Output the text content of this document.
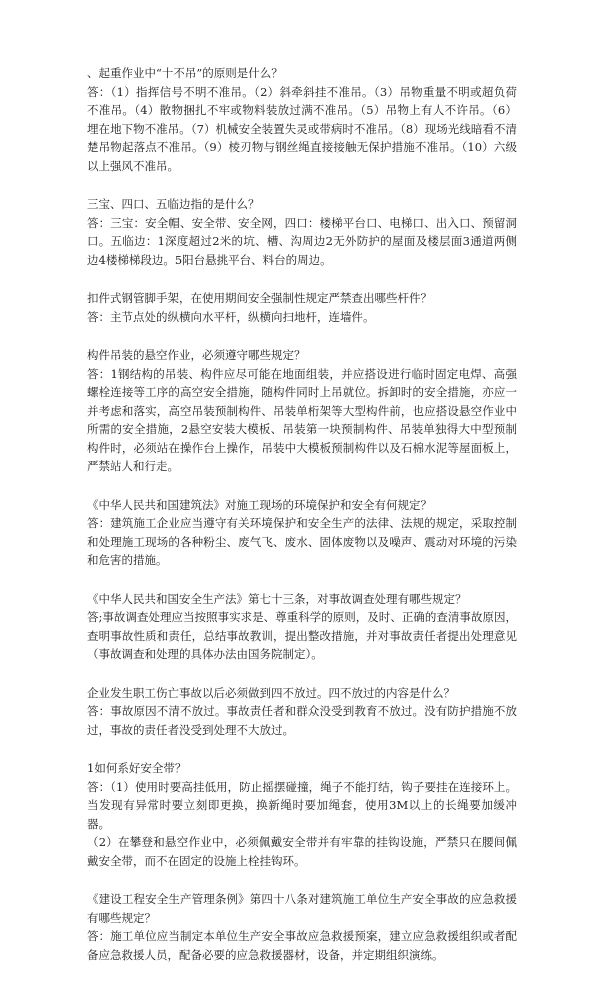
、起重作业中“十不吊”的原则是什么？

答：（1）指挥信号不明不准吊。（2）斜牵斜挂不准吊。（3）吊物重量不明或超负荷不准吊。（4）散物捆扎不牢或物料装放过满不准吊。（5）吊物上有人不许吊。（6）埋在地下物不准吊。（7）机械安全装置失灵或带病时不准吊。（8）现场光线暗看不清楚吊物起落点不准吊。（9）棱刃物与钢丝绳直接接触无保护措施不准吊。（10）六级以上强风不准吊。

三宝、四口、五临边指的是什么？

答：三宝：安全帽、安全带、安全网，四口：楼梯平台口、电梯口、出入口、预留洞口。五临边：1深度超过2米的坑、槽、沟周边2无外防护的屋面及楼层面3通道两侧边4楼梯梯段边。5阳台悬挑平台、料台的周边。

扣件式钢管脚手架，在使用期间安全强制性规定严禁查出哪些杆件？

答：主节点处的纵横向水平杆，纵横向扫地杆，连墙件。

构件吊装的悬空作业，必须遵守哪些规定？

答：1钢结构的吊装、构件应尽可能在地面组装，并应搭设进行临时固定电焊、高强螺栓连接等工序的高空安全措施，随构件同时上吊就位。拆卸时的安全措施，亦应一并考虑和落实，高空吊装预制构件、吊装单桁架等大型构件前，也应搭设悬空作业中所需的安全措施，2悬空安装大模板、吊装第一块预制构件、吊装单独得大中型预制构件时，必须站在操作台上操作，吊装中大模板预制构件以及石棉水泥等屋面板上，严禁站人和行走。

《中华人民共和国建筑法》对施工现场的环境保护和安全有何规定？

答：建筑施工企业应当遵守有关环境保护和安全生产的法律、法规的规定，采取控制和处理施工现场的各种粉尘、废气飞、废水、固体废物以及噪声、震动对环境的污染和危害的措施。

《中华人民共和国安全生产法》第七十三条，对事故调查处理有哪些规定？

答;事故调查处理应当按照事实求是、尊重科学的原则，及时、正确的查清事故原因，查明事故性质和责任，总结事故教训，提出整改措施，并对事故责任者提出处理意见（事故调查和处理的具体办法由国务院制定）。

企业发生职工伤亡事故以后必须做到四不放过。四不放过的内容是什么？

答：事故原因不清不放过。事故责任者和群众没受到教育不放过。没有防护措施不放过，事故的责任者没受到处理不大放过。

1如何系好安全带？

答：（1）使用时要高挂低用，防止摇摆碰撞，绳子不能打结，钩子要挂在连接环上。当发现有异常时要立刻即更换，换新绳时要加绳套，使用3M以上的长绳要加缓冲器。

（2）在攀登和悬空作业中，必须佩戴安全带并有牢靠的挂钩设施，严禁只在腰间佩戴安全带，而不在固定的设施上栓挂钩环。

《建设工程安全生产管理条例》第四十八条对建筑施工单位生产安全事故的应急救援有哪些规定？

答：施工单位应当制定本单位生产安全事故应急救援预案，建立应急救援组织或者配备应急救援人员，配备必要的应急救援器材，设备，并定期组织演练。
